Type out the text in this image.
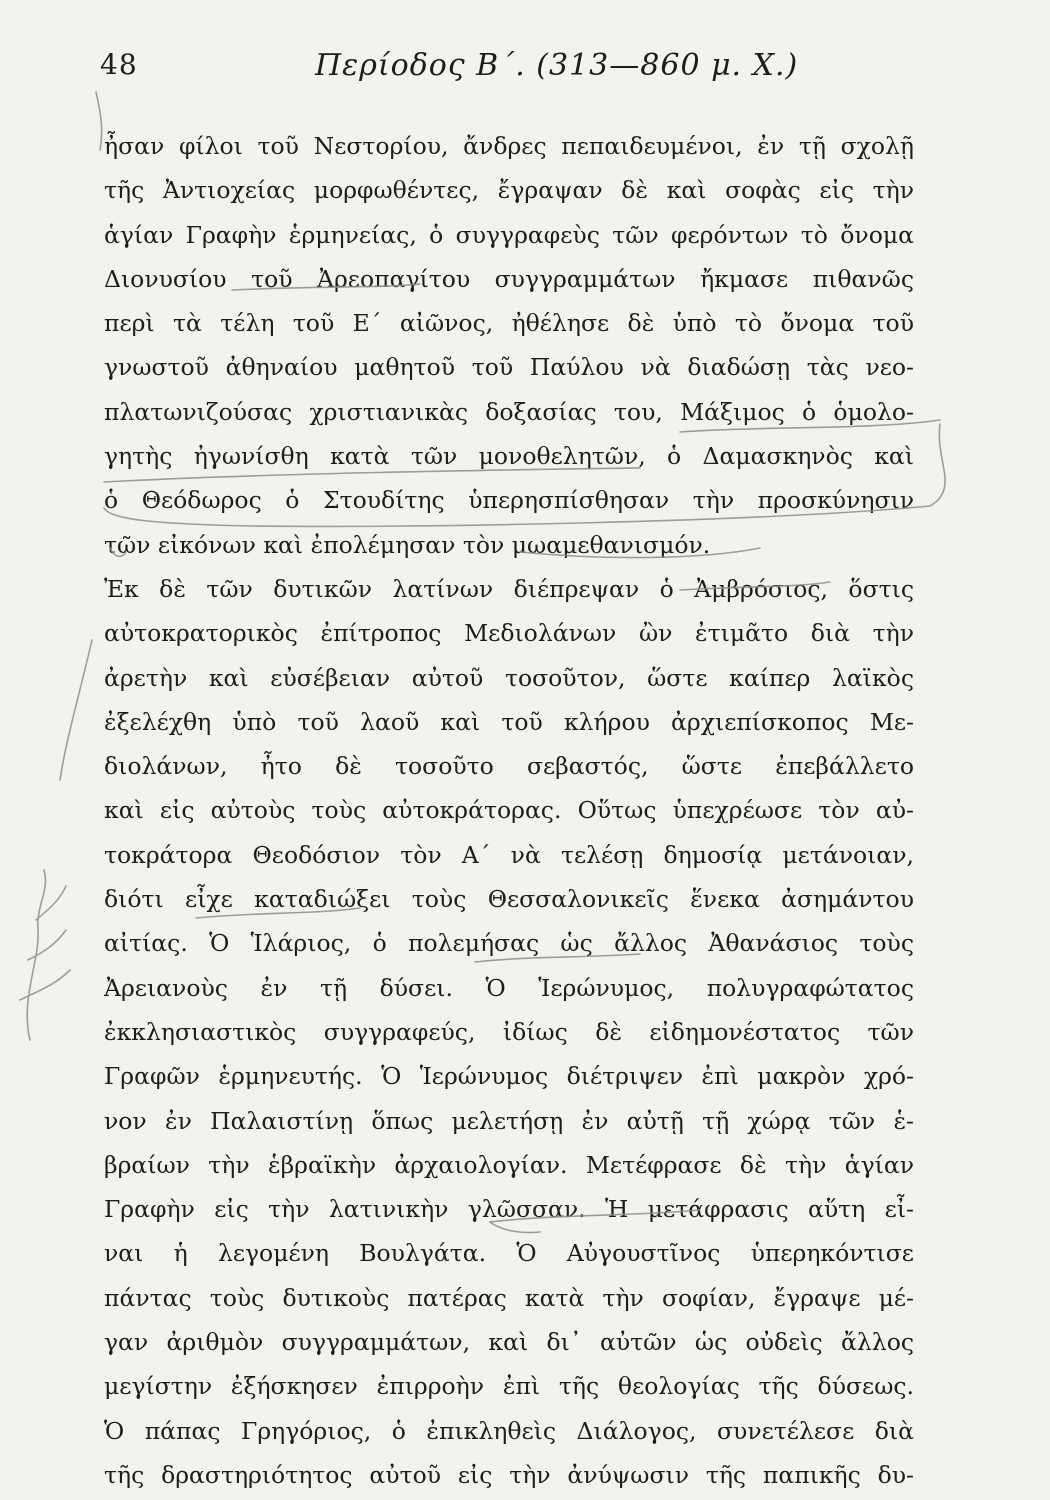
48	Περίοδος Β΄. (313—860 μ. Χ.)
ἦσαν φίλοι τοῦ Νεστορίου, ἄνδρες πεπαιδευμένοι, ἐν τῇ σχολῇ
τῆς Ἀντιοχείας μορφωθέντες, ἔγραψαν δὲ καὶ σοφὰς εἰς τὴν
ἁγίαν Γραφὴν ἑρμηνείας, ὁ συγγραφεὺς τῶν φερόντων τὸ ὄνομα
Διονυσίου τοῦ Ἀρεοπαγίτου συγγραμμάτων ἤκμασε πιθανῶς
περὶ τὰ τέλη τοῦ Ε΄ αἰῶνος, ἠθέλησε δὲ ὑπὸ τὸ ὄνομα τοῦ
γνωστοῦ ἀθηναίου μαθητοῦ τοῦ Παύλου νὰ διαδώσῃ τὰς νεο-
πλατωνιζούσας χριστιανικὰς δοξασίας του, Μάξιμος ὁ ὁμολο-
γητὴς ἠγωνίσθη κατὰ τῶν μονοθελητῶν, ὁ Δαμασκηνὸς καὶ
ὁ Θεόδωρος ὁ Στουδίτης ὑπερησπίσθησαν τὴν προσκύνησιν
τῶν εἰκόνων καὶ ἐπολέμησαν τὸν μωαμεθανισμόν.
Ἐκ δὲ τῶν δυτικῶν λατίνων διέπρεψαν ὁ Ἀμβρόσιος, ὅστις
αὐτοκρατορικὸς ἐπίτροπος Μεδιολάνων ὢν ἐτιμᾶτο διὰ τὴν
ἀρετὴν καὶ εὐσέβειαν αὐτοῦ τοσοῦτον, ὥστε καίπερ λαϊκὸς
ἐξελέχθη ὑπὸ τοῦ λαοῦ καὶ τοῦ κλήρου ἀρχιεπίσκοπος Με-
διολάνων, ἦτο δὲ τοσοῦτο σεβαστός, ὥστε ἐπεβάλλετο
καὶ εἰς αὐτοὺς τοὺς αὐτοκράτορας. Οὕτως ὑπεχρέωσε τὸν αὐ-
τοκράτορα Θεοδόσιον τὸν Α΄ νὰ τελέσῃ δημοσίᾳ μετάνοιαν,
διότι εἶχε καταδιώξει τοὺς Θεσσαλονικεῖς ἕνεκα ἀσημάντου
αἰτίας. Ὁ Ἱλάριος, ὁ πολεμήσας ὡς ἄλλος Ἀθανάσιος τοὺς
Ἀρειανοὺς ἐν τῇ δύσει. Ὁ Ἱερώνυμος, πολυγραφώτατος
ἐκκλησιαστικὸς συγγραφεύς, ἰδίως δὲ εἰδημονέστατος τῶν
Γραφῶν ἑρμηνευτής. Ὁ Ἱερώνυμος διέτριψεν ἐπὶ μακρὸν χρό-
νον ἐν Παλαιστίνῃ ὅπως μελετήσῃ ἐν αὐτῇ τῇ χώρᾳ τῶν ἑ-
βραίων τὴν ἑβραϊκὴν ἀρχαιολογίαν. Μετέφρασε δὲ τὴν ἁγίαν
Γραφὴν εἰς τὴν λατινικὴν γλῶσσαν. Ἡ μετάφρασις αὕτη εἶ-
ναι ἡ λεγομένη Βουλγάτα. Ὁ Αὐγουστῖνος ὑπερηκόντισε
πάντας τοὺς δυτικοὺς πατέρας κατὰ τὴν σοφίαν, ἔγραψε μέ-
γαν ἀριθμὸν συγγραμμάτων, καὶ δι᾽ αὐτῶν ὡς οὐδεὶς ἄλλος
μεγίστην ἐξήσκησεν ἐπιρροὴν ἐπὶ τῆς θεολογίας τῆς δύσεως.
Ὁ πάπας Γρηγόριος, ὁ ἐπικληθεὶς Διάλογος, συνετέλεσε διὰ
τῆς δραστηριότητος αὐτοῦ εἰς τὴν ἀνύψωσιν τῆς παπικῆς δυ-
